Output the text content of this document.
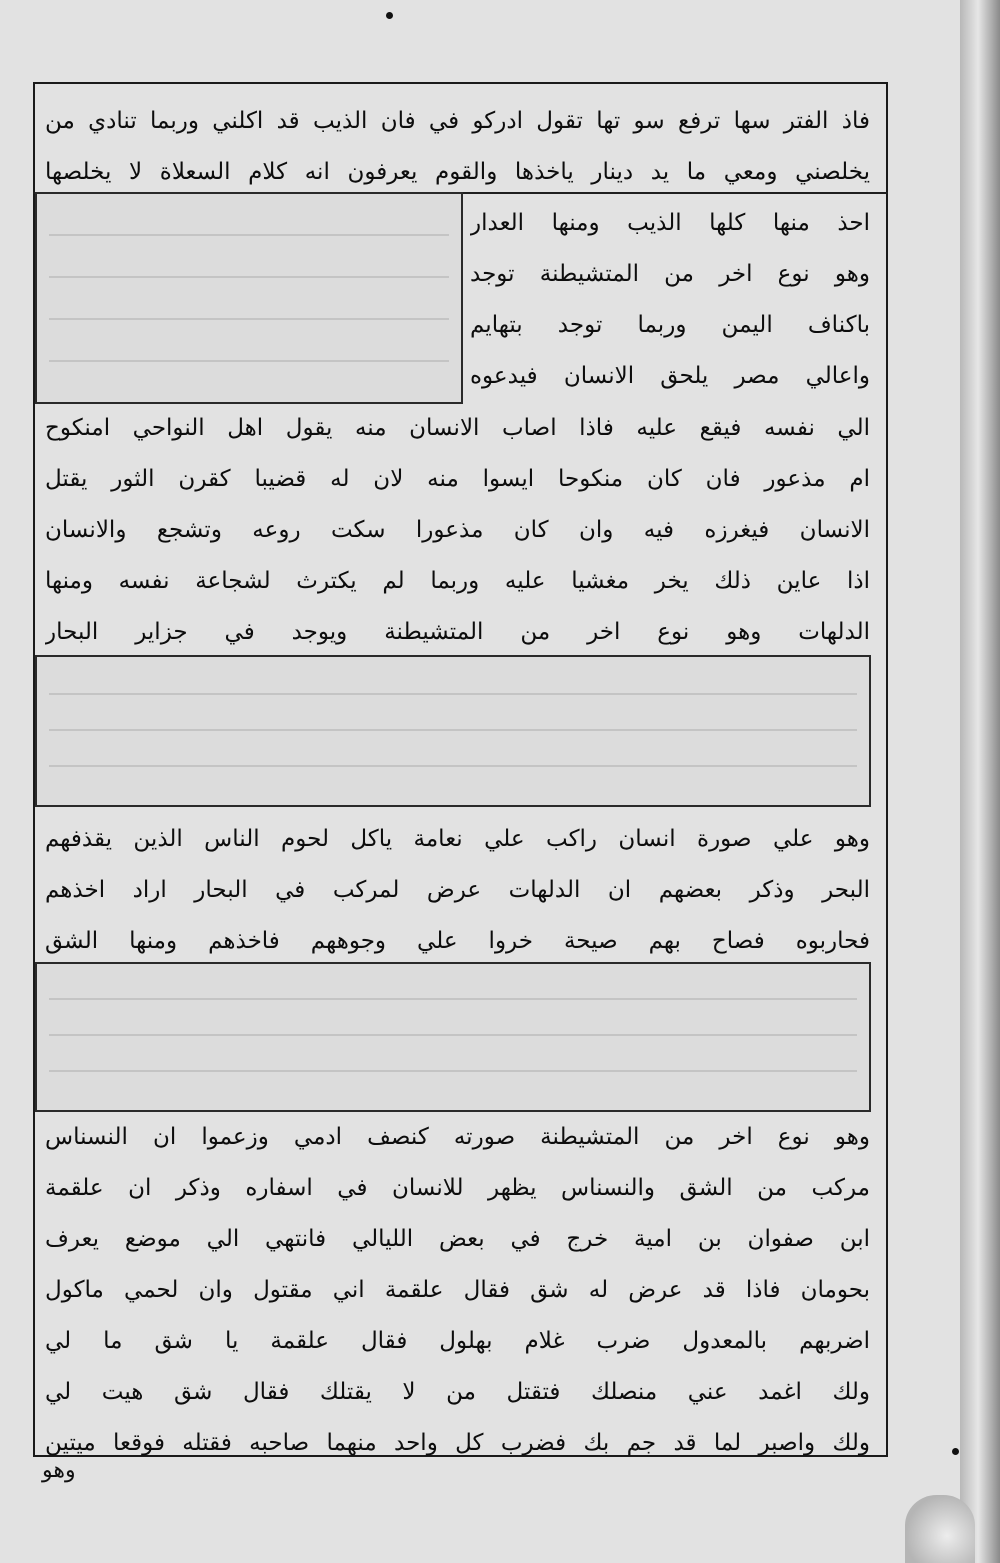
فاذ الفتر سها ترفع سو تها تقول ادركو في فان الذيب قد اكلني وربما تنادي من
يخلصني ومعي ما يد دينار ياخذها والقوم يعرفون انه كلام السعلاة لا يخلصها
احذ منها كلها الذيب ومنها العدار
وهو نوع اخر من المتشيطنة توجد
باكناف اليمن وربما توجد بتهايم
واعالي مصر يلحق الانسان فيدعوه
الي نفسه فيقع عليه فاذا اصاب الانسان منه يقول اهل النواحي امنكوح
ام مذعور فان كان منكوحا ايسوا منه لان له قضيبا كقرن الثور يقتل
الانسان فيغرزه فيه وان كان مذعورا سكت روعه وتشجع والانسان
اذا عاين ذلك يخر مغشيا عليه وربما لم يكترث لشجاعة نفسه ومنها
الدلهات وهو نوع اخر من المتشيطنة ويوجد في جزاير البحار
وهو علي صورة انسان راكب علي نعامة ياكل لحوم الناس الذين يقذفهم
البحر وذكر بعضهم ان الدلهات عرض لمركب في البحار اراد اخذهم
فحاربوه فصاح بهم صيحة خروا علي وجوههم فاخذهم ومنها الشق
وهو نوع اخر من المتشيطنة صورته كنصف ادمي وزعموا ان النسناس
مركب من الشق والنسناس يظهر للانسان في اسفاره وذكر ان علقمة
ابن صفوان بن امية خرج في بعض الليالي فانتهي الي موضع يعرف
بحومان فاذا قد عرض له شق فقال علقمة اني مقتول وان لحمي ماكول
اضربهم بالمعدول ضرب غلام بهلول فقال علقمة يا شق ما لي
ولك اغمد عني منصلك فتقتل من لا يقتلك فقال شق هيت لي
ولك واصبر لما قد جم بك فضرب كل واحد منهما صاحبه فقتله فوقعا ميتين
وهو
